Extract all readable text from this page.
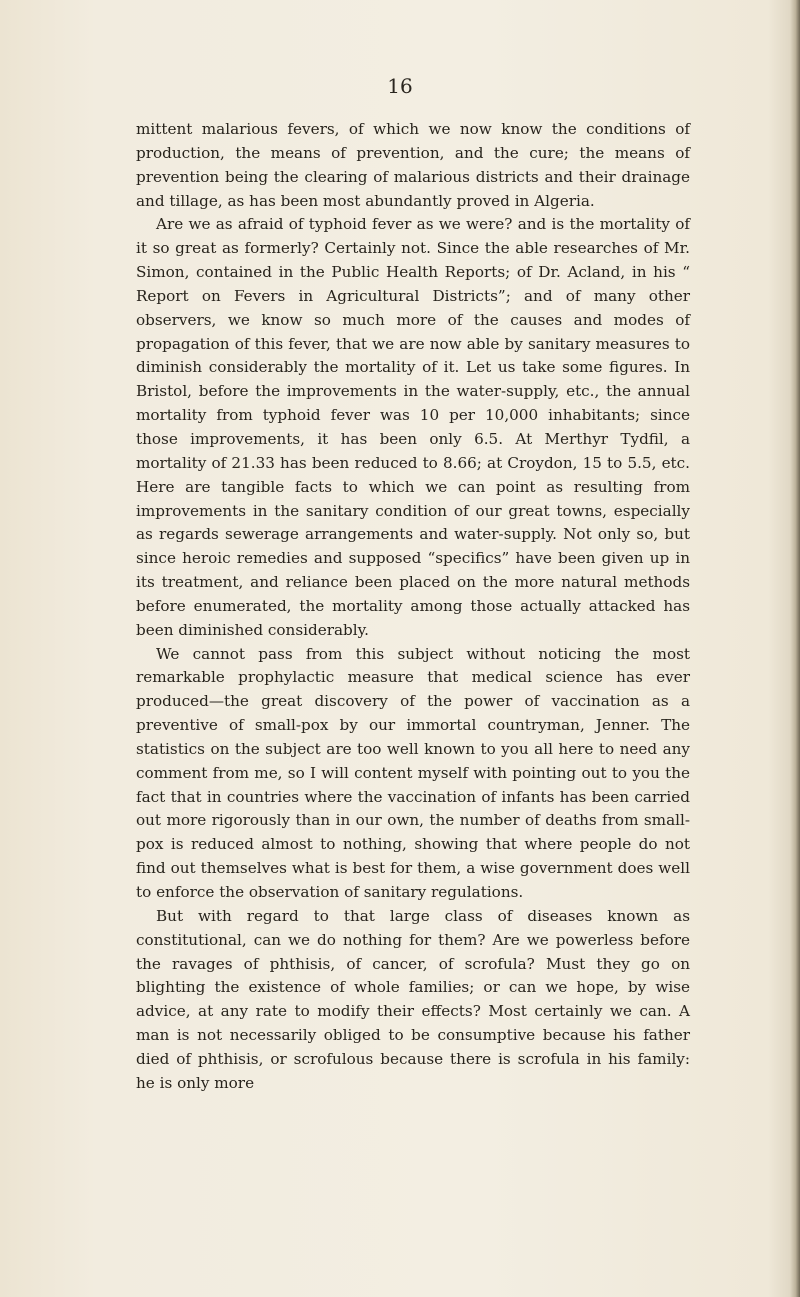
16

mittent malarious fevers, of which we now know the conditions of production, the means of prevention, and the cure; the means of prevention being the clearing of malarious districts and their drainage and tillage, as has been most abundantly proved in Algeria.

Are we as afraid of typhoid fever as we were? and is the mortality of it so great as formerly? Certainly not. Since the able researches of Mr. Simon, contained in the Public Health Reports; of Dr. Acland, in his “ Report on Fevers in Agricultural Districts”; and of many other observers, we know so much more of the causes and modes of propagation of this fever, that we are now able by sanitary measures to diminish considerably the mortality of it. Let us take some figures. In Bristol, before the improvements in the water-supply, etc., the annual mortality from typhoid fever was 10 per 10,000 inhabitants; since those improvements, it has been only 6.5. At Merthyr Tydfil, a mortality of 21.33 has been reduced to 8.66; at Croydon, 15 to 5.5, etc. Here are tangible facts to which we can point as resulting from improvements in the sanitary condition of our great towns, especially as regards sewerage arrangements and water-supply. Not only so, but since heroic remedies and supposed “specifics” have been given up in its treatment, and reliance been placed on the more natural methods before enumerated, the mortality among those actually attacked has been diminished considerably.

We cannot pass from this subject without noticing the most remarkable prophylactic measure that medical science has ever produced—the great discovery of the power of vaccination as a preventive of small-pox by our immortal countryman, Jenner. The statistics on the subject are too well known to you all here to need any comment from me, so I will content myself with pointing out to you the fact that in countries where the vaccination of infants has been carried out more rigorously than in our own, the number of deaths from small-pox is reduced almost to nothing, showing that where people do not find out themselves what is best for them, a wise government does well to enforce the observation of sanitary regulations.

But with regard to that large class of diseases known as constitutional, can we do nothing for them? Are we powerless before the ravages of phthisis, of cancer, of scrofula? Must they go on blighting the existence of whole families; or can we hope, by wise advice, at any rate to modify their effects? Most certainly we can. A man is not necessarily obliged to be consumptive because his father died of phthisis, or scrofulous because there is scrofula in his family: he is only more
